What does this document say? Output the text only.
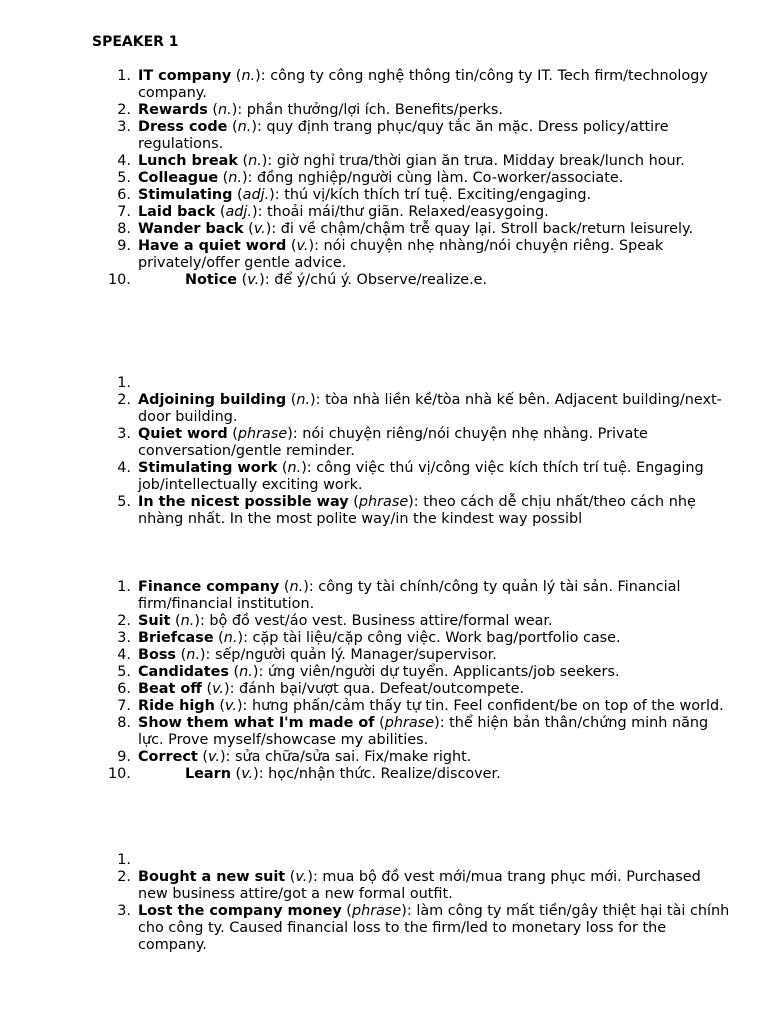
SPEAKER 1
1. IT company (n.): công ty công nghệ thông tin/công ty IT. Tech firm/technology company.
2. Rewards (n.): phần thưởng/lợi ích. Benefits/perks.
3. Dress code (n.): quy định trang phục/quy tắc ăn mặc. Dress policy/attire regulations.
4. Lunch break (n.): giờ nghỉ trưa/thời gian ăn trưa. Midday break/lunch hour.
5. Colleague (n.): đồng nghiệp/người cùng làm. Co-worker/associate.
6. Stimulating (adj.): thú vị/kích thích trí tuệ. Exciting/engaging.
7. Laid back (adj.): thoải mái/thư giãn. Relaxed/easygoing.
8. Wander back (v.): đi về chậm/chậm trễ quay lại. Stroll back/return leisurely.
9. Have a quiet word (v.): nói chuyện nhẹ nhàng/nói chuyện riêng. Speak privately/offer gentle advice.
10.	Notice (v.): để ý/chú ý. Observe/realize.e.
1.
2. Adjoining building (n.): tòa nhà liền kề/tòa nhà kế bên. Adjacent building/next-door building.
3. Quiet word (phrase): nói chuyện riêng/nói chuyện nhẹ nhàng. Private conversation/gentle reminder.
4. Stimulating work (n.): công việc thú vị/công việc kích thích trí tuệ. Engaging job/intellectually exciting work.
5. In the nicest possible way (phrase): theo cách dễ chịu nhất/theo cách nhẹ nhàng nhất. In the most polite way/in the kindest way possibl
1. Finance company (n.): công ty tài chính/công ty quản lý tài sản. Financial firm/financial institution.
2. Suit (n.): bộ đồ vest/áo vest. Business attire/formal wear.
3. Briefcase (n.): cặp tài liệu/cặp công việc. Work bag/portfolio case.
4. Boss (n.): sếp/người quản lý. Manager/supervisor.
5. Candidates (n.): ứng viên/người dự tuyển. Applicants/job seekers.
6. Beat off (v.): đánh bại/vượt qua. Defeat/outcompete.
7. Ride high (v.): hưng phấn/cảm thấy tự tin. Feel confident/be on top of the world.
8. Show them what I'm made of (phrase): thể hiện bản thân/chứng minh năng lực. Prove myself/showcase my abilities.
9. Correct (v.): sửa chữa/sửa sai. Fix/make right.
10.	Learn (v.): học/nhận thức. Realize/discover.
1.
2. Bought a new suit (v.): mua bộ đồ vest mới/mua trang phục mới. Purchased new business attire/got a new formal outfit.
3. Lost the company money (phrase): làm công ty mất tiền/gây thiệt hại tài chính cho công ty. Caused financial loss to the firm/led to monetary loss for the company.
